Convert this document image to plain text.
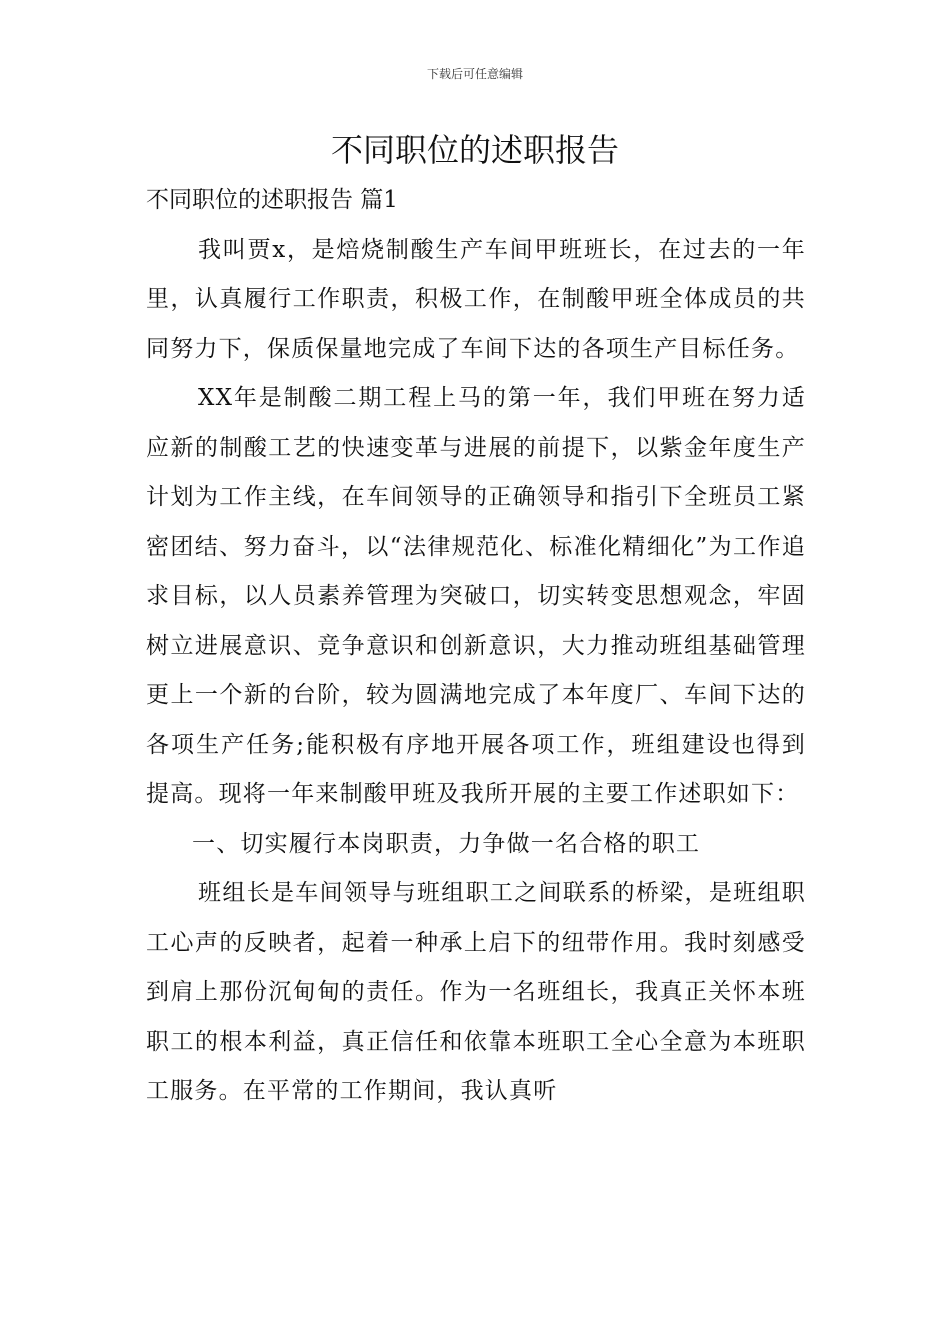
下载后可任意编辑
不同职位的述职报告

不同职位的述职报告 篇1

我叫贾x，是焙烧制酸生产车间甲班班长，在过去的一年里，认真履行工作职责，积极工作，在制酸甲班全体成员的共同努力下，保质保量地完成了车间下达的各项生产目标任务。

XX年是制酸二期工程上马的第一年，我们甲班在努力适应新的制酸工艺的快速变革与进展的前提下，以紫金年度生产计划为工作主线，在车间领导的正确领导和指引下全班员工紧密团结、努力奋斗，以“法律规范化、标准化精细化”为工作追求目标，以人员素养管理为突破口，切实转变思想观念，牢固树立进展意识、竞争意识和创新意识，大力推动班组基础管理更上一个新的台阶，较为圆满地完成了本年度厂、车间下达的各项生产任务;能积极有序地开展各项工作，班组建设也得到提高。现将一年来制酸甲班及我所开展的主要工作述职如下：

一、切实履行本岗职责，力争做一名合格的职工

班组长是车间领导与班组职工之间联系的桥梁，是班组职工心声的反映者，起着一种承上启下的纽带作用。我时刻感受到肩上那份沉甸甸的责任。作为一名班组长，我真正关怀本班职工的根本利益，真正信任和依靠本班职工全心全意为本班职工服务。在平常的工作期间，我认真听
